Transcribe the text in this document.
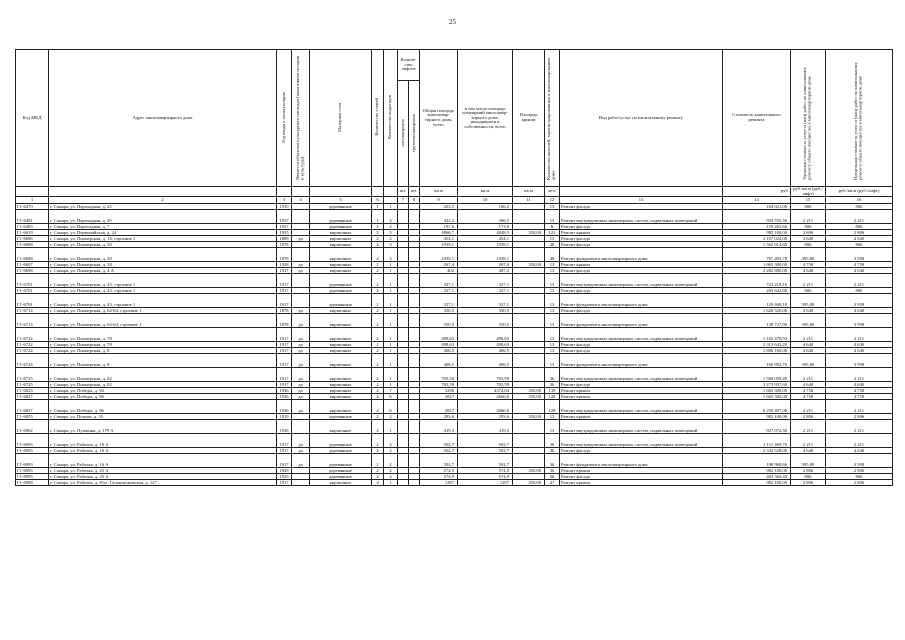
25
Код МКД	Адрес многоквартирного дома	Год ввода в эксплуатацию	Является объектом культурного наследия (памятником истории и культуры)	Материал стен	Количество этажей	Количество подъездов	Количе- ство лифтов		Общая площадь многоквар- тирного дома, всего	в том числе площадь помещений многоквар- тирного дома, находящихся в собственности, всего	Площадь крыши	Количество жителей, зарегистрированных в многоквартирном доме	Вид работ/услуг по капитальному ремонту	Стоимость капитального ремонта	Удельная стоимость услуг и (или) работ по капитальному ремонту общего имущества в многоквартирном доме	Предельная стоимость услуг и (или) работ по капитальному ремонту общего имущества в многоквартирном доме
							пассажирских	грузопассажирских								
							шт.	шт.	кв.м	кв.м	кв.м	чел.		руб.	руб./кв.м (руб./лифт)	руб./кв.м (руб./лифт)
1	2	3	4	5	6		7	8	9	10	11	12	13	14	15	16
Г1-6479	г. Самара, ул. Пароходная, д. 23	1910		деревянные	1	1			203,5	166,2		13	Ремонт фасада	164 021,00	806	806
Г1-6481	г. Самара, ул. Пароходная, д. 29	1937		деревянные	1	2			422,3	386,5		13	Ремонт внутридомовых инженерных систем, подвальных помещений	933 705,30	2 211	2 211
Г1-6483	г. Самара, ул. Пароходная, д. 7	1927		деревянные	1	2			197,6	173,8		6	Ремонт фасада	159 265,60	806	806
Г1-6619	г. Самара, ул. Первомайская, д. 24	1935		кирпичные	5	5			4866,7	4848,5	350,00	121	Ремонт крыши	982 100,00	2 806	2 806
Г1-6686	г. Самара, ул. Пионерская, д. 16, строение 1	1889	да	кирпичные	2	2			454,1	454,1		13	Ремонт фасада	2 107 024,00	4 640	4 640
Г1-6688	г. Самара, ул. Пионерская, д. 30	1878		кирпичные	4	3			1939,1	1939,1		48	Ремонт фасада	1 562 914,60	806	806
Г1-6688	г. Самара, ул. Пионерская, д. 30	1878		кирпичные	4	3			1939,1	1939,1		48	Ремонт фундамента многоквартирного дома	767 493,78	395,80	3 958
Г1-6697	г. Самара, ул. Пионерская, д. 38	1928	да	кирпичные	2	1			267,4	267,4	350,00	13	Ремонт крыши	1 665 300,00	4 758	4 758
Г1-6698	г. Самара, ул. Пионерская, д. 4 А	1917	да	кирпичные	2	1			402	487,2		13	Ремонт фасада	2 282 880,00	4 640	4 640
Г1-6701	г. Самара, ул. Пионерская, д. 43, строение 1	1917		деревянные	2	1			327,1	327,1		13	Ремонт внутридомовых инженерных систем, подвальных помещений	723 218,10	2 211	2 211
Г1-6701	г. Самара, ул. Пионерская, д. 43, строение 1	1917		деревянные	2	1			327,1	327,1		13	Ремонт фасада	263 642,60	806	806
Г1-6701	г. Самара, ул. Пионерская, д. 43, строение 1	1917		деревянные	2	1			327,1	327,1		13	Ремонт фундамента многоквартирного дома	129 460,18	395,80	3 958
Г1-6714	г. Самара, ул. Пионерская, д. 62-64, строение 1	1878	да	кирпичные	2	1			350,5	350,5		13	Ремонт фасада	1 626 320,00	4 640	4 640
Г1-6714	г. Самара, ул. Пионерская, д. 62-64, строение 1	1878	да	кирпичные	2	1			350,5	350,5		13	Ремонт фундамента многоквартирного дома	138 727,90	395,80	3 958
Г1-6722	г. Самара, ул. Пионерская, д. 78	1917	да	кирпичные	2	1			498,63	498,63		13	Ремонт внутридомовых инженерных систем, подвальных помещений	1 102 470,93	2 211	2 211
Г1-6722	г. Самара, ул. Пионерская, д. 78	1917	да	кирпичные	2	1			498,63	498,63		13	Ремонт фасада	2 313 643,20	4 640	4 640
Г1-6724	г. Самара, ул. Пионерская, д. 8	1917	да	кирпичные	2	1			406,5	406,5		13	Ремонт фасада	1 886 160,00	4 640	4 640
Г1-6724	г. Самара, ул. Пионерская, д. 8	1917	да	кирпичные	2	1			406,5	406,5		13	Ремонт фундамента многоквартирного дома	160 892,70	395,80	3 958
Г1-6725	г. Самара, ул. Пионерская, д. 82	1917	да	кирпичные	2	1			705,59	705,59		36	Ремонт внутридомовых инженерных систем, подвальных помещений	1 560 059,49	2 211	2 211
Г1-6725	г. Самара, ул. Пионерская, д. 82	1917	да	кирпичные	2	1			705,59	705,59		36	Ремонт фасада	3 273 937,60	4 640	4 640
Г1-6823	г. Самара, ул. Победы, д. 94	1936	да	кирпичные	4	7			5296	4374,04	350,00	139	Ремонт крыши	1 665 300,00	4 758	4 758
Г1-6827	г. Самара, ул. Победы, д. 96	1936	да	кирпичные	4	6			2827	2666,6	350,00	128	Ремонт крыши	1 665 300,00	4 758	4 758
Г1-6827	г. Самара, ул. Победы, д. 96	1936	да	кирпичные	4	6			2827	2666,6		128	Ремонт внутридомовых инженерных систем, подвальных помещений	6 250 497,00	2 211	2 211
Г1-6855	г. Самара, ул. Попова, д. 55	1919		деревянные	2	2			293,6	293,6	350,00	13	Ремонт крыши	982 100,00	2 806	2 806
Г1-6962	г. Самара, ул. Пушкина, д. 179 А	1936		кирпичные	2	1			419,3	419,3		13	Ремонт внутридомовых инженерных систем, подвальных помещений	927 072,30	2 211	2 211
Г1-6993	г. Самара, ул. Рабочая, д. 16 А	1917	да	деревянные	2	2			502,7	502,7		36	Ремонт внутридомовых инженерных систем, подвальных помещений	1 111 469,70	2 211	2 211
Г1-6993	г. Самара, ул. Рабочая, д. 16 А	1917	да	деревянные	2	2			502,7	502,7		36	Ремонт фасада	2 332 528,00	4 640	4 640
Г1-6993	г. Самара, ул. Рабочая, д. 16 А	1917	да	деревянные	2	2			502,7	502,7		36	Ремонт фундамента многоквартирного дома	198 968,66	395,80	3 958
Г1-6995	г. Самара, ул. Рабочая, д. 25 А	1929		деревянные	2	2			574,9	574,9	350,00	36	Ремонт крыши	982 100,00	2 806	2 806
Г1-6995	г. Самара, ул. Рабочая, д. 25 А	1929		деревянные	2	2			574,9	574,9		36	Ремонт фасада	463 369,40	806	806
Г1-6988	г. Самара, ул. Рабочая, д. 8/ул. Галактионовская, д. 127	1917		кирпичные	4	1			1287	1287	350,00	47	Ремонт крыши	982 100,00	2 806	2 806
